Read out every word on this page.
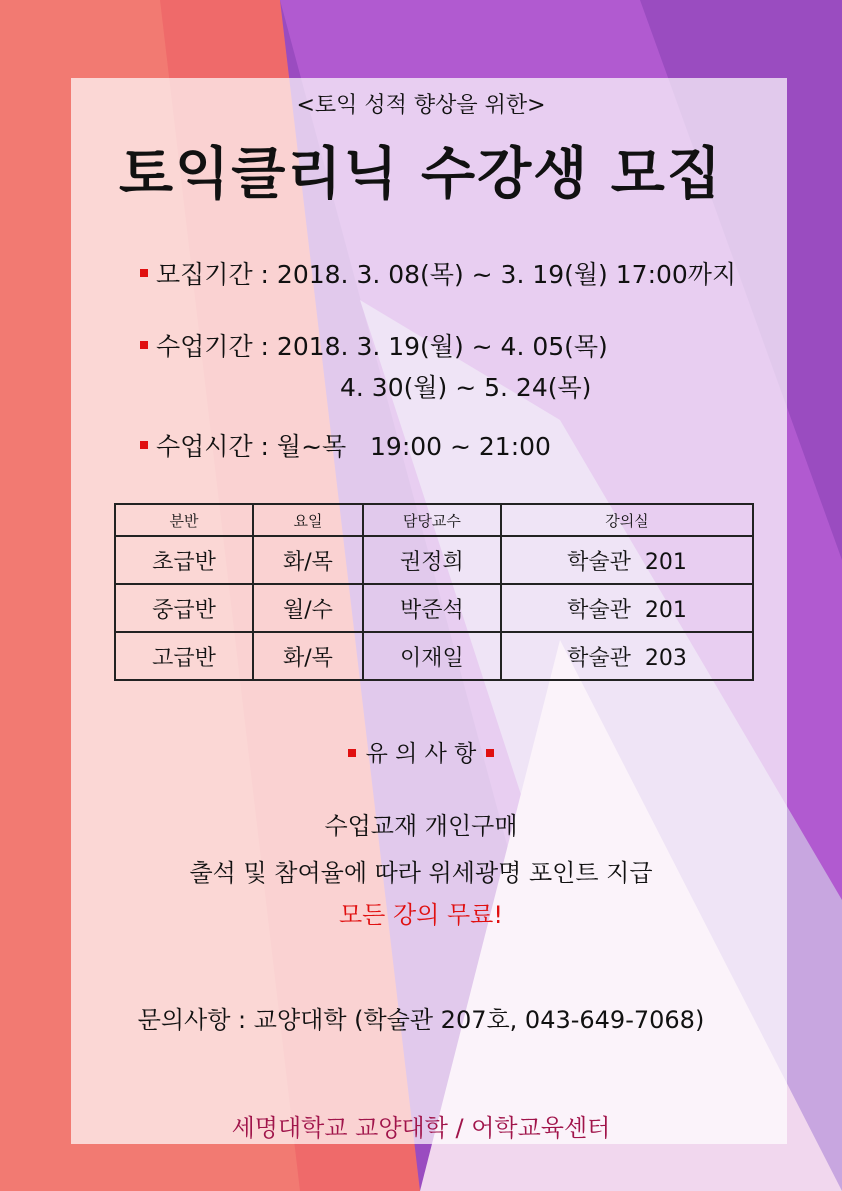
<토익 성적 향상을 위한>
토익클리닉 수강생 모집
모집기간 : 2018. 3. 08(목) ~ 3. 19(월) 17:00까지
수업기간 : 2018. 3. 19(월) ~ 4. 05(목)
4. 30(월) ~ 5. 24(목)
수업시간 : 월~목   19:00 ~ 21:00
분반	요일	담당교수	강의실
초급반	화/목	권정희	학술관  201
중급반	월/수	박준석	학술관  201
고급반	화/목	이재일	학술관  203
유 의 사 항
수업교재 개인구매
출석 및 참여율에 따라 위세광명 포인트 지급
모든 강의 무료!
문의사항 : 교양대학 (학술관 207호, 043-649-7068)
세명대학교 교양대학 / 어학교육센터
